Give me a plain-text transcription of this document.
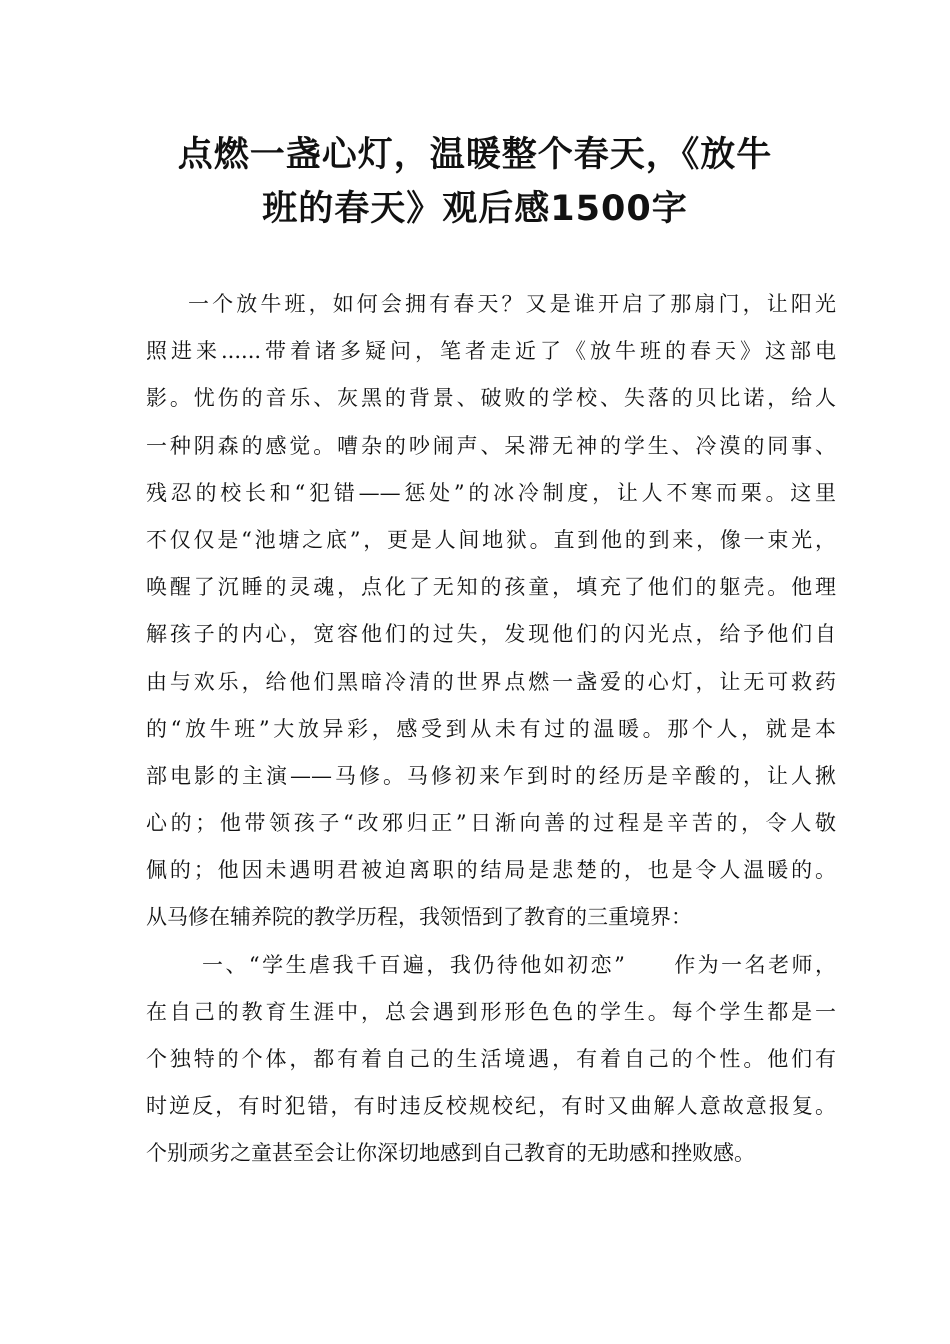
点燃一盏心灯，温暖整个春天，《放牛
班的春天》观后感1500字
一个放牛班，如何会拥有春天？又是谁开启了那扇门，让阳光
照进来......带着诸多疑问，笔者走近了《放牛班的春天》这部电
影。忧伤的音乐、灰黑的背景、破败的学校、失落的贝比诺，给人
一种阴森的感觉。嘈杂的吵闹声、呆滞无神的学生、冷漠的同事、
残忍的校长和“犯错——惩处”的冰冷制度，让人不寒而栗。这里
不仅仅是“池塘之底”，更是人间地狱。直到他的到来，像一束光，
唤醒了沉睡的灵魂，点化了无知的孩童，填充了他们的躯壳。他理
解孩子的内心，宽容他们的过失，发现他们的闪光点，给予他们自
由与欢乐，给他们黑暗冷清的世界点燃一盏爱的心灯，让无可救药
的“放牛班”大放异彩，感受到从未有过的温暖。那个人，就是本
部电影的主演——马修。马修初来乍到时的经历是辛酸的，让人揪
心的；他带领孩子“改邪归正”日渐向善的过程是辛苦的，令人敬
佩的；他因未遇明君被迫离职的结局是悲楚的，也是令人温暖的。
从马修在辅养院的教学历程，我领悟到了教育的三重境界：
一、“学生虐我千百遍，我仍待他如初恋”　　作为一名老师，
在自己的教育生涯中，总会遇到形形色色的学生。每个学生都是一
个独特的个体，都有着自己的生活境遇，有着自己的个性。他们有
时逆反，有时犯错，有时违反校规校纪，有时又曲解人意故意报复。
个别顽劣之童甚至会让你深切地感到自己教育的无助感和挫败感。
